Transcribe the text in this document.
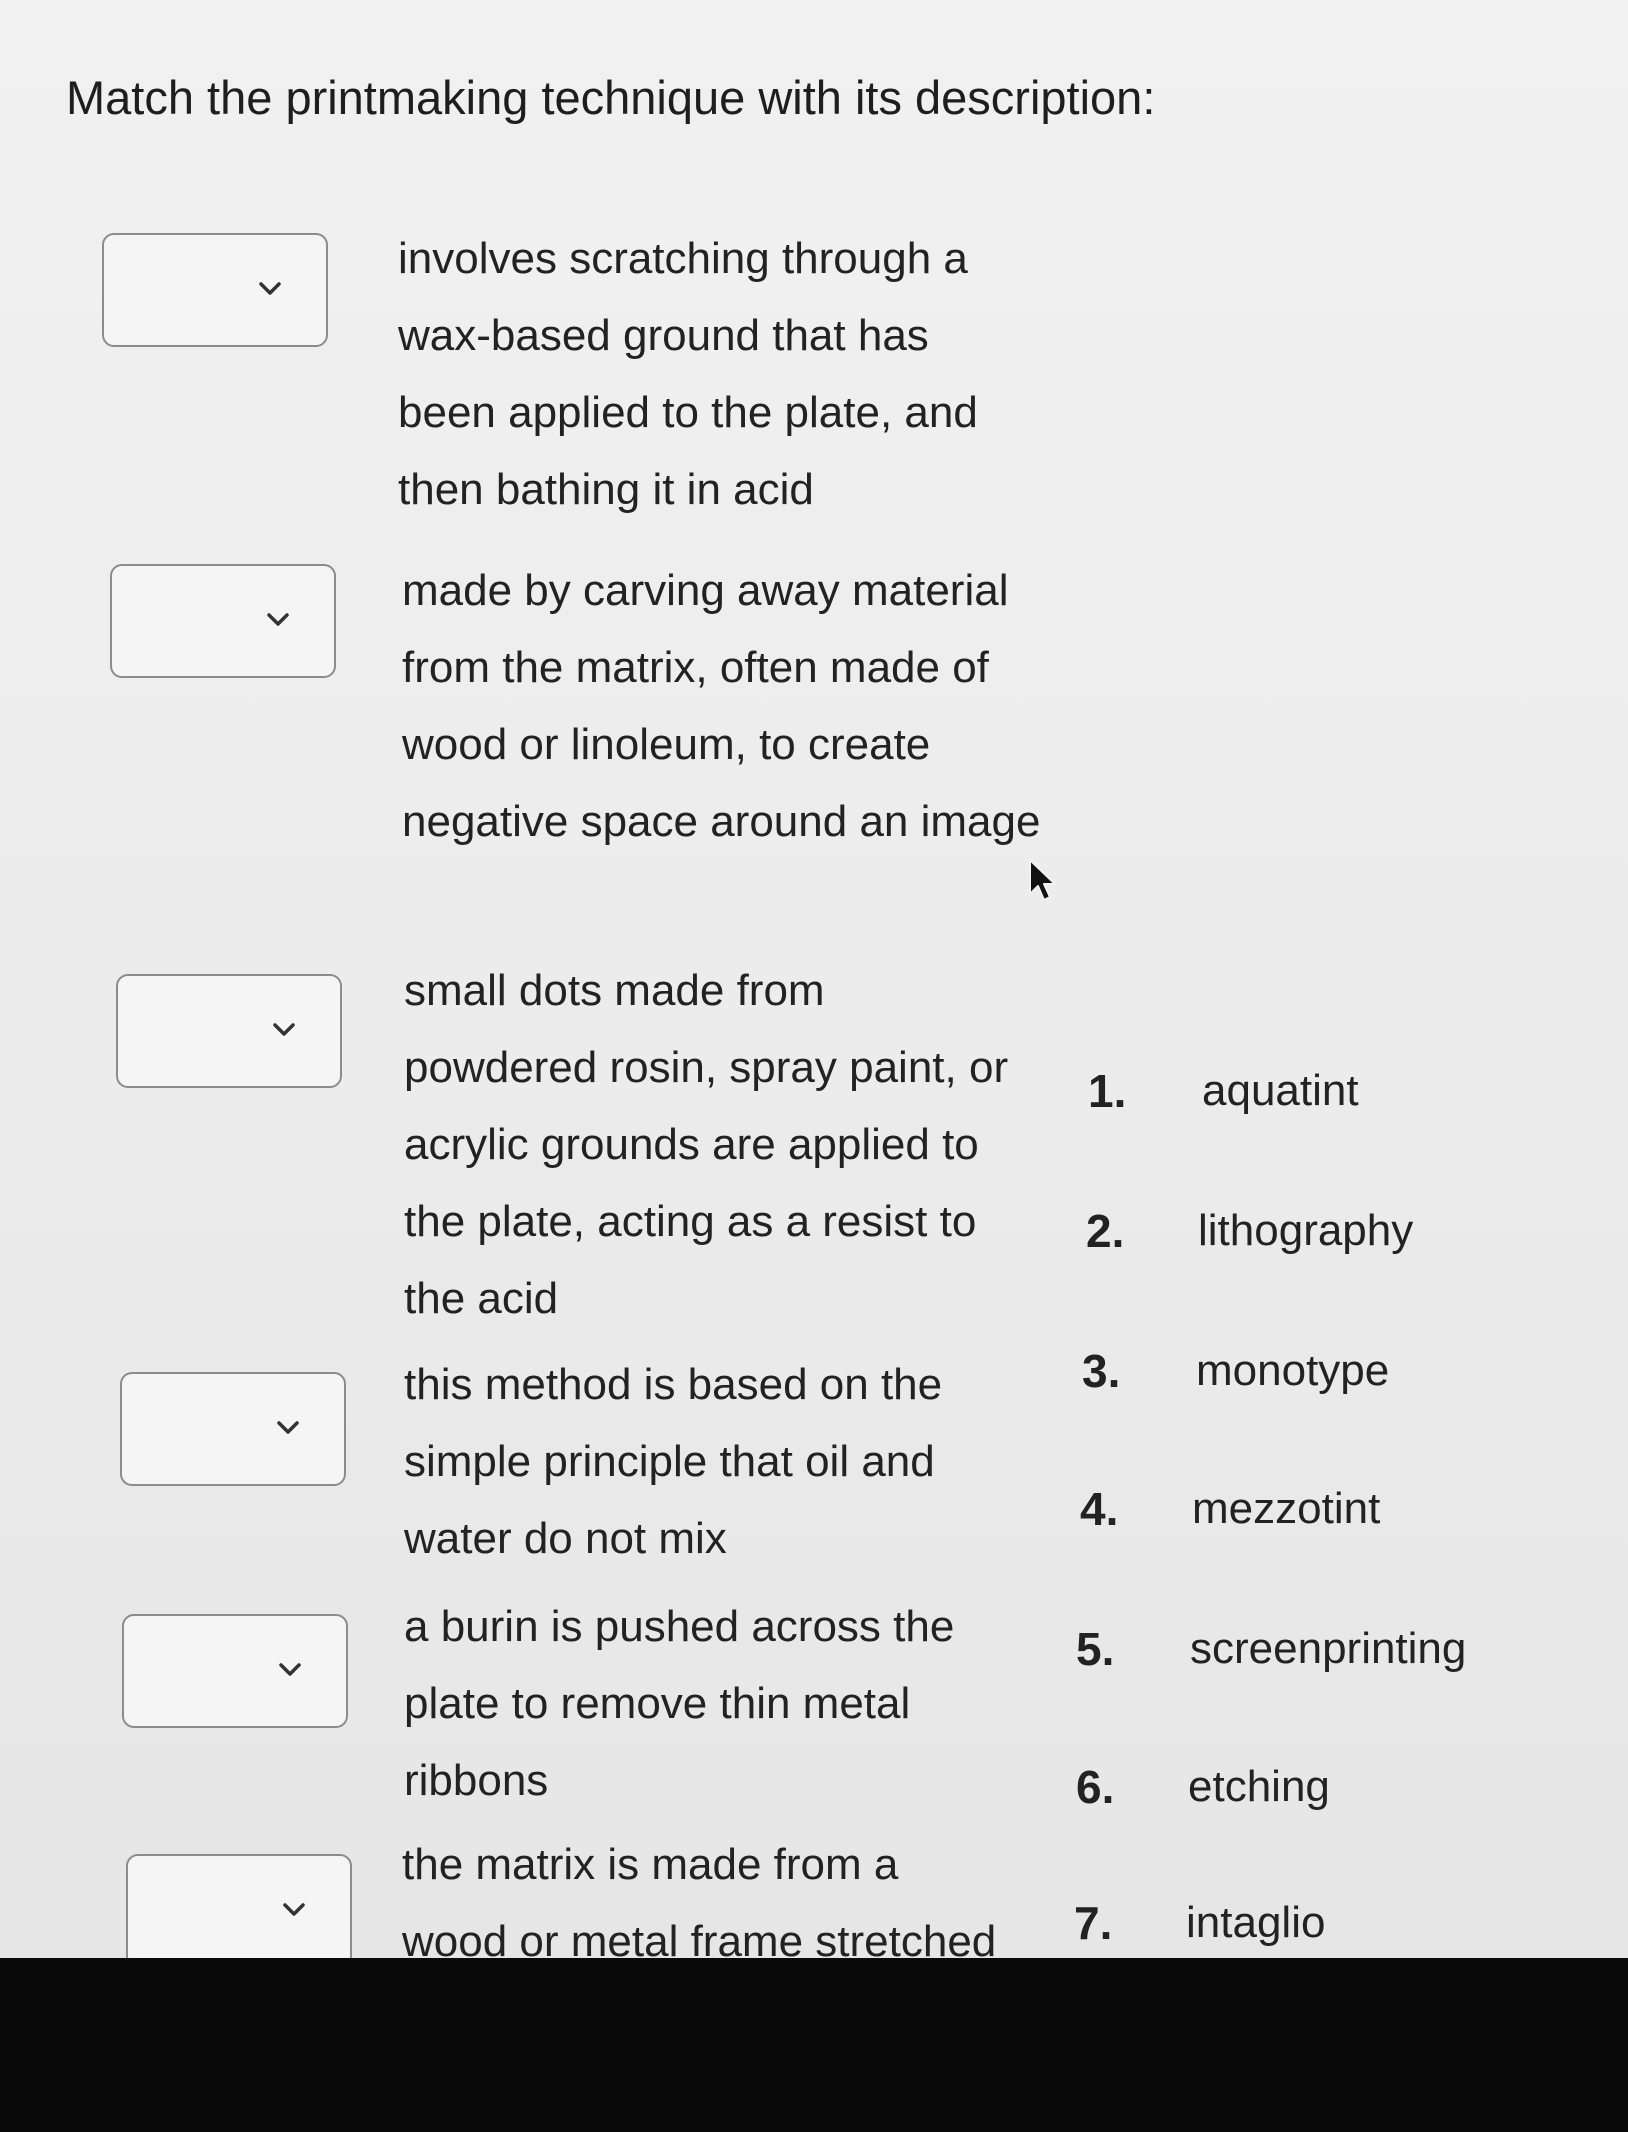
Match the printmaking technique with its description:
involves scratching through a wax-based ground that has been applied to the plate, and then bathing it in acid
made by carving away material from the matrix, often made of wood or linoleum, to create negative space around an image
small dots made from powdered rosin, spray paint, or acrylic grounds are applied to the plate, acting as a resist to the acid
this method is based on the simple principle that oil and water do not mix
a burin is pushed across the plate to remove thin metal ribbons
the matrix is made from a wood or metal frame stretched
1. aquatint
2. lithography
3. monotype
4. mezzotint
5. screenprinting
6. etching
7. intaglio
